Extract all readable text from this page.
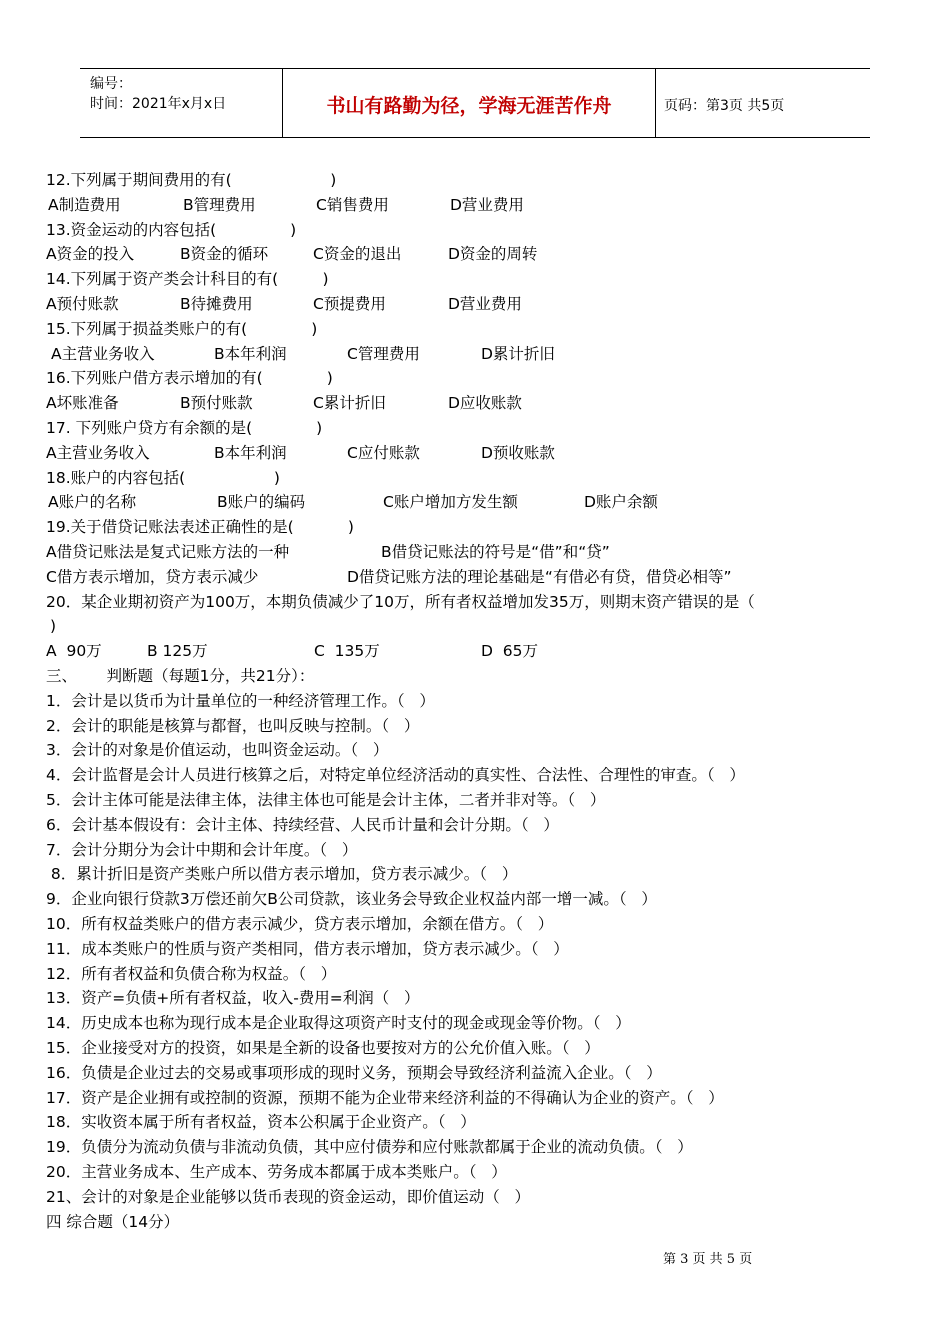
编号：
时间：2021年x月x日	书山有路勤为径，学海无涯苦作舟	页码：第3页 共5页
12.下列属于期间费用的有(                    )
A制造费用	B管理费用	C销售费用	D营业费用
13.资金运动的内容包括(               )
A资金的投入	B资金的循环	C资金的退出	D资金的周转
14.下列属于资产类会计科目的有(         )
A预付账款	B待摊费用	C预提费用	D营业费用
15.下列属于损益类账户的有(             )
A主营业务收入	B本年利润	C管理费用	D累计折旧
16.下列账户借方表示增加的有(             )
A坏账准备	B预付账款	C累计折旧	D应收账款
17. 下列账户贷方有余额的是(             )
A主营业务收入	B本年利润	C应付账款	D预收账款
18.账户的内容包括(                  )
A账户的名称	B账户的编码	C账户增加方发生额	D账户余额
19.关于借贷记账法表述正确性的是(           )
A借贷记账法是复式记账方法的一种	B借贷记账法的符号是“借”和“贷”
C借方表示增加，贷方表示减少	D借贷记账方法的理论基础是“有借必有贷，借贷必相等”
20．某企业期初资产为100万，本期负债减少了10万，所有者权益增加发35万，则期末资产错误的是（
)
A  90万	B 125万	C  135万	D  65万
三、      判断题（每题1分，共21分）：
1．会计是以货币为计量单位的一种经济管理工作。（   ）
2．会计的职能是核算与都督，也叫反映与控制。（   ）
3．会计的对象是价值运动，也叫资金运动。（   ）
4．会计监督是会计人员进行核算之后，对特定单位经济活动的真实性、合法性、合理性的审查。（   ）
5．会计主体可能是法律主体，法律主体也可能是会计主体，二者并非对等。（   ）
6．会计基本假设有：会计主体、持续经营、人民币计量和会计分期。（   ）
7．会计分期分为会计中期和会计年度。（   ）
8．累计折旧是资产类账户所以借方表示增加，贷方表示减少。（   ）
9．企业向银行贷款3万偿还前欠B公司贷款，该业务会导致企业权益内部一增一减。（   ）
10．所有权益类账户的借方表示减少，贷方表示增加，余额在借方。（   ）
11．成本类账户的性质与资产类相同，借方表示增加，贷方表示减少。（   ）
12．所有者权益和负债合称为权益。（   ）
13．资产=负债+所有者权益，收入-费用=利润（   ）
14．历史成本也称为现行成本是企业取得这项资产时支付的现金或现金等价物。（   ）
15．企业接受对方的投资，如果是全新的设备也要按对方的公允价值入账。（   ）
16．负债是企业过去的交易或事项形成的现时义务，预期会导致经济利益流入企业。（   ）
17．资产是企业拥有或控制的资源，预期不能为企业带来经济利益的不得确认为企业的资产。（   ）
18．实收资本属于所有者权益，资本公积属于企业资产。（   ）
19．负债分为流动负债与非流动负债，其中应付债券和应付账款都属于企业的流动负债。（   ）
20．主营业务成本、生产成本、劳务成本都属于成本类账户。（   ）
21、会计的对象是企业能够以货币表现的资金运动，即价值运动（   ）
四 综合题（14分）
第 3 页 共 5 页
